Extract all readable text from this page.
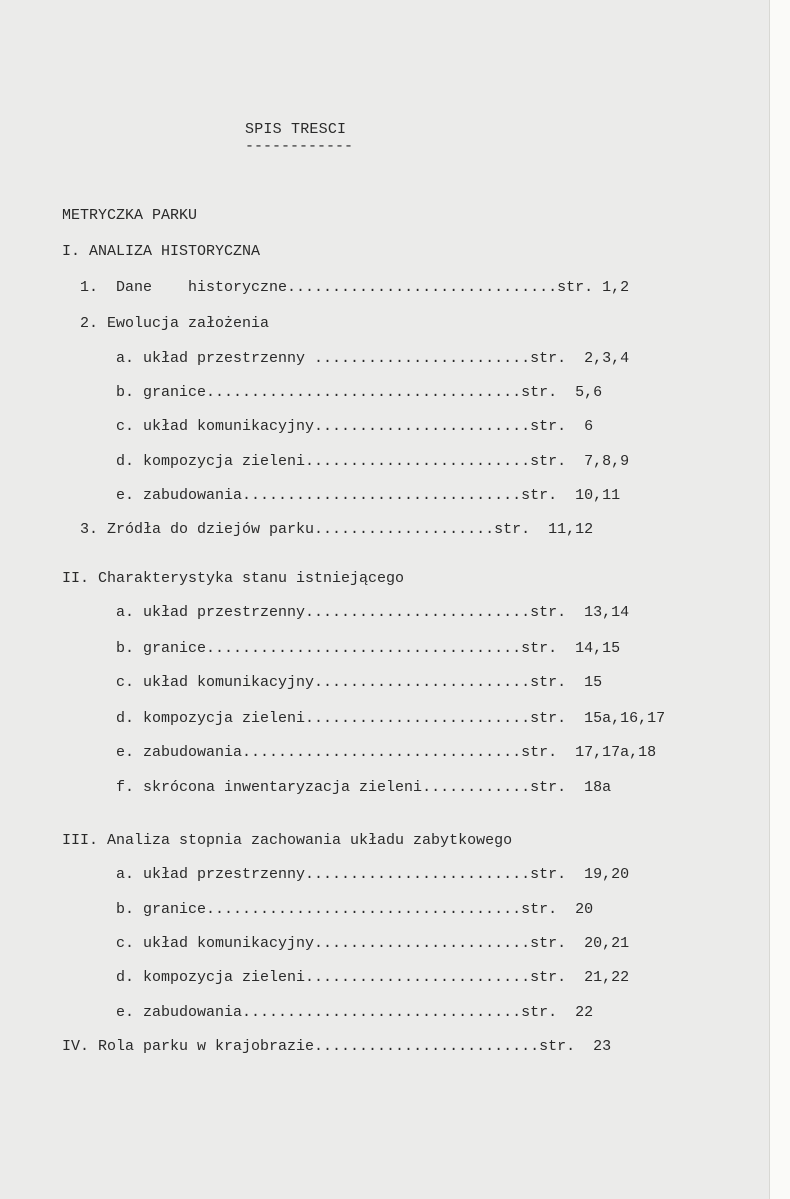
SPIS TRESCI
------------
METRYCZKA PARKU
I. ANALIZA HISTORYCZNA
1.  Dane    historyczne..............................str. 1,2
2. Ewolucja założenia
a. układ przestrzenny ........................str.  2,3,4
b. granice...................................str.  5,6
c. układ komunikacyjny........................str.  6
d. kompozycja zieleni.........................str.  7,8,9
e. zabudowania...............................str.  10,11
3. Zródła do dziejów parku....................str.  11,12
II. Charakterystyka stanu istniejącego
a. układ przestrzenny.........................str.  13,14
b. granice...................................str.  14,15
c. układ komunikacyjny........................str.  15
d. kompozycja zieleni.........................str.  15a,16,17
e. zabudowania...............................str.  17,17a,18
f. skrócona inwentaryzacja zieleni............str.  18a
III. Analiza stopnia zachowania układu zabytkowego
a. układ przestrzenny.........................str.  19,20
b. granice...................................str.  20
c. układ komunikacyjny........................str.  20,21
d. kompozycja zieleni.........................str.  21,22
e. zabudowania...............................str.  22
IV. Rola parku w krajobrazie.........................str.  23
